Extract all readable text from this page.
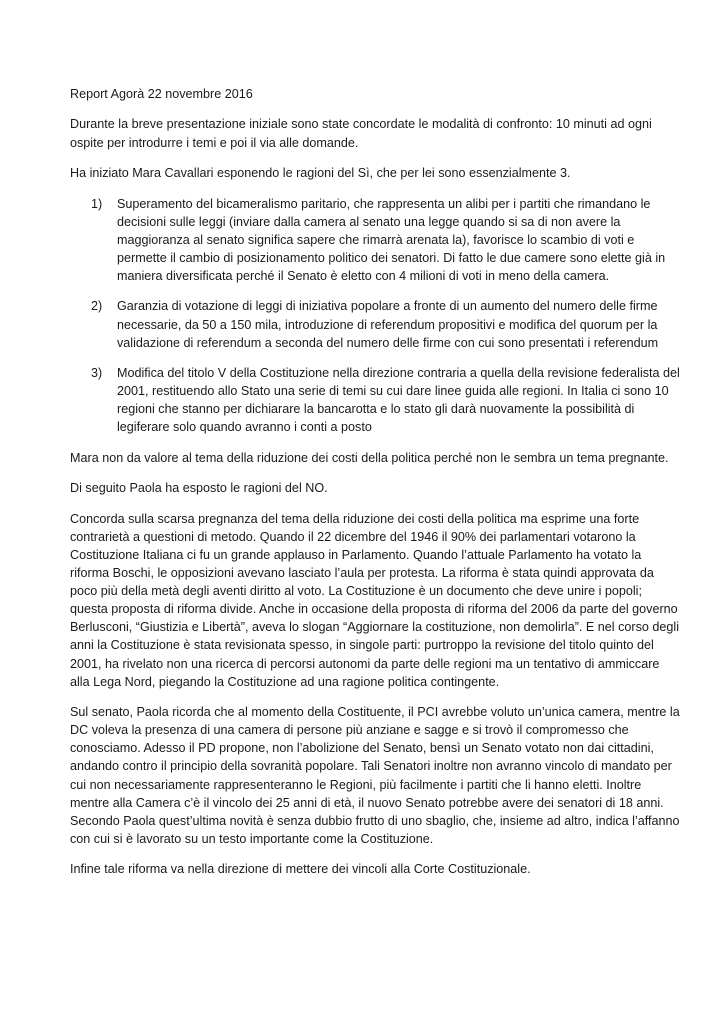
Report Agorà 22 novembre 2016

Durante la breve presentazione iniziale sono state concordate le modalità di confronto: 10 minuti ad ogni ospite per introdurre i temi e poi il via alle domande.

Ha iniziato Mara Cavallari esponendo le ragioni del Sì, che per lei sono essenzialmente 3.

1) Superamento del bicameralismo paritario, che rappresenta un alibi per i partiti che rimandano le decisioni sulle leggi (inviare dalla camera al senato una legge quando si sa di non avere la maggioranza al senato significa sapere che rimarrà arenata la), favorisce lo scambio di voti e permette il cambio di posizionamento politico dei senatori. Di fatto le due camere sono elette già in maniera diversificata perché il Senato è eletto con 4 milioni di voti in meno della camera.
2) Garanzia di votazione di leggi di iniziativa popolare a fronte di un aumento del numero delle firme necessarie, da 50 a 150 mila, introduzione di referendum propositivi e modifica del quorum per la validazione di referendum a seconda del numero delle firme con cui sono presentati i referendum
3) Modifica del titolo V della Costituzione nella direzione contraria a quella della revisione federalista del 2001, restituendo allo Stato una serie di temi su cui dare linee guida alle regioni. In Italia ci sono 10 regioni che stanno per dichiarare la bancarotta e lo stato gli darà nuovamente la possibilità di legiferare solo quando avranno i conti a posto

Mara non da valore al tema della riduzione dei costi della politica perché non le sembra un tema pregnante.

Di seguito Paola ha esposto le ragioni del NO.

Concorda sulla scarsa pregnanza del tema della riduzione dei costi della politica ma esprime una forte contrarietà a questioni di metodo. Quando il 22 dicembre del 1946 il 90% dei parlamentari votarono la Costituzione Italiana ci fu un grande applauso in Parlamento. Quando l’attuale Parlamento ha votato la riforma Boschi, le opposizioni avevano lasciato l’aula per protesta. La riforma è stata quindi approvata da poco più della metà degli aventi diritto al voto. La Costituzione è un documento che deve unire i popoli; questa proposta di riforma divide. Anche in occasione della proposta di riforma del 2006 da parte del governo Berlusconi, “Giustizia e Libertà”, aveva lo slogan “Aggiornare la costituzione, non demolirla”. E nel corso degli anni la Costituzione è stata revisionata spesso, in singole parti: purtroppo la revisione del titolo quinto del 2001, ha rivelato non una ricerca di percorsi autonomi da parte delle regioni ma un tentativo di ammiccare alla Lega Nord, piegando la Costituzione ad una ragione politica contingente.

Sul senato, Paola ricorda che al momento della Costituente, il PCI avrebbe voluto un’unica camera, mentre la DC voleva la presenza di una camera di persone più anziane e sagge e si trovò il compromesso che conosciamo. Adesso il PD propone, non l’abolizione del Senato, bensì un Senato votato non dai cittadini, andando contro il principio della sovranità popolare. Tali Senatori inoltre non avranno vincolo di mandato per cui non necessariamente rappresenteranno le Regioni, più facilmente i partiti che li hanno eletti. Inoltre mentre alla Camera c’è il vincolo dei 25 anni di età, il nuovo Senato potrebbe avere dei senatori di 18 anni. Secondo Paola quest’ultima novità è senza dubbio frutto di uno sbaglio, che, insieme ad altro, indica l’affanno con cui si è lavorato su un testo importante come la Costituzione.

Infine tale riforma va nella direzione di mettere dei vincoli alla Corte Costituzionale.
